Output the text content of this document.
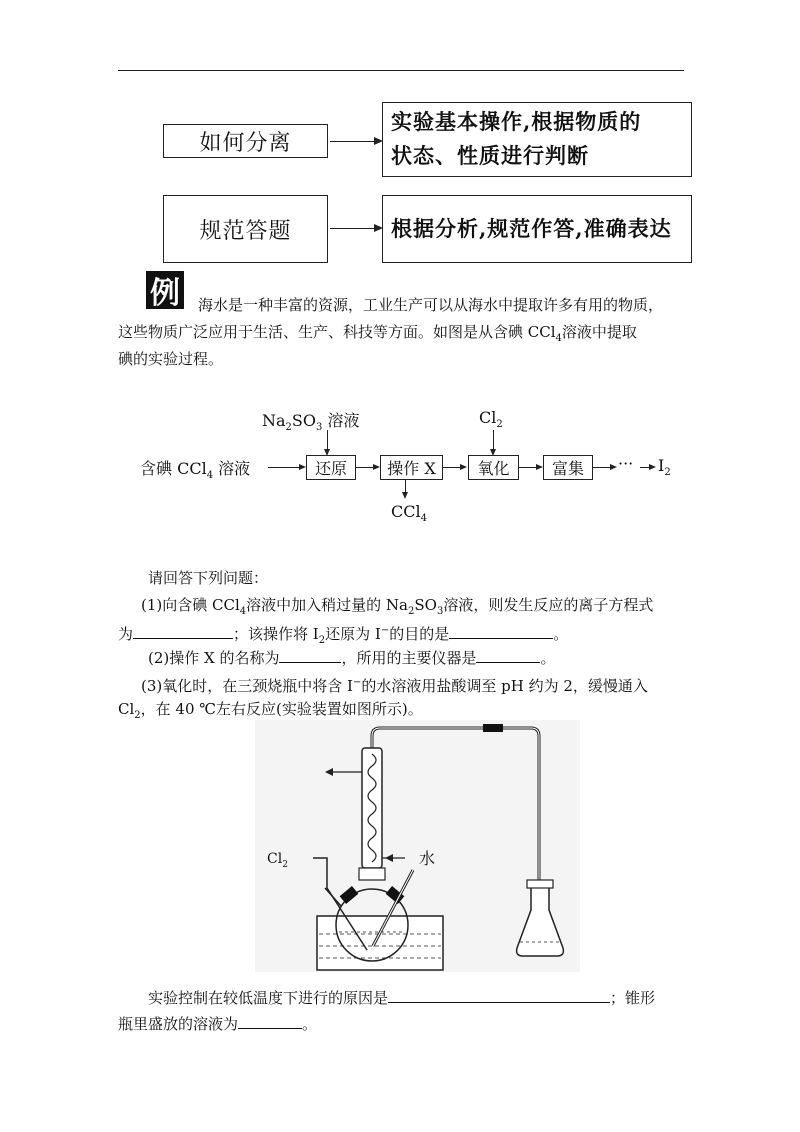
如何分离
实验基本操作,根据物质的
状态、性质进行判断
规范答题	根据分析,规范作答,准确表达
例 海水是一种丰富的资源，工业生产可以从海水中提取许多有用的物质，
这些物质广泛应用于生活、生产、科技等方面。如图是从含碘 CCl$_4$溶液中提取
碘的实验过程。
含碘 CCl$_4$ 溶液
$Na_2SO_3$ 溶液
还原	操作 X
CCl$_4$
$Cl_2$
氧化	富集 ··· $I_2$
请回答下列问题：
(1)向含碘 CCl$_4$溶液中加入稍过量的 $Na_2SO_3$溶液，则发生反应的离子方程式
为	；该操作将 $I_2$还原为 I−的目的是	。
(2)操作 X 的名称为	，所用的主要仪器是	。
(3)氧化时，在三颈烧瓶中将含 I−的水溶液用盐酸调至 pH 约为 2，缓慢通入
$Cl_2$，在 40 ℃左右反应(实验装置如图所示)。
$Cl_2$	水
实验控制在较低温度下进行的原因是	；锥形
瓶里盛放的溶液为	。
